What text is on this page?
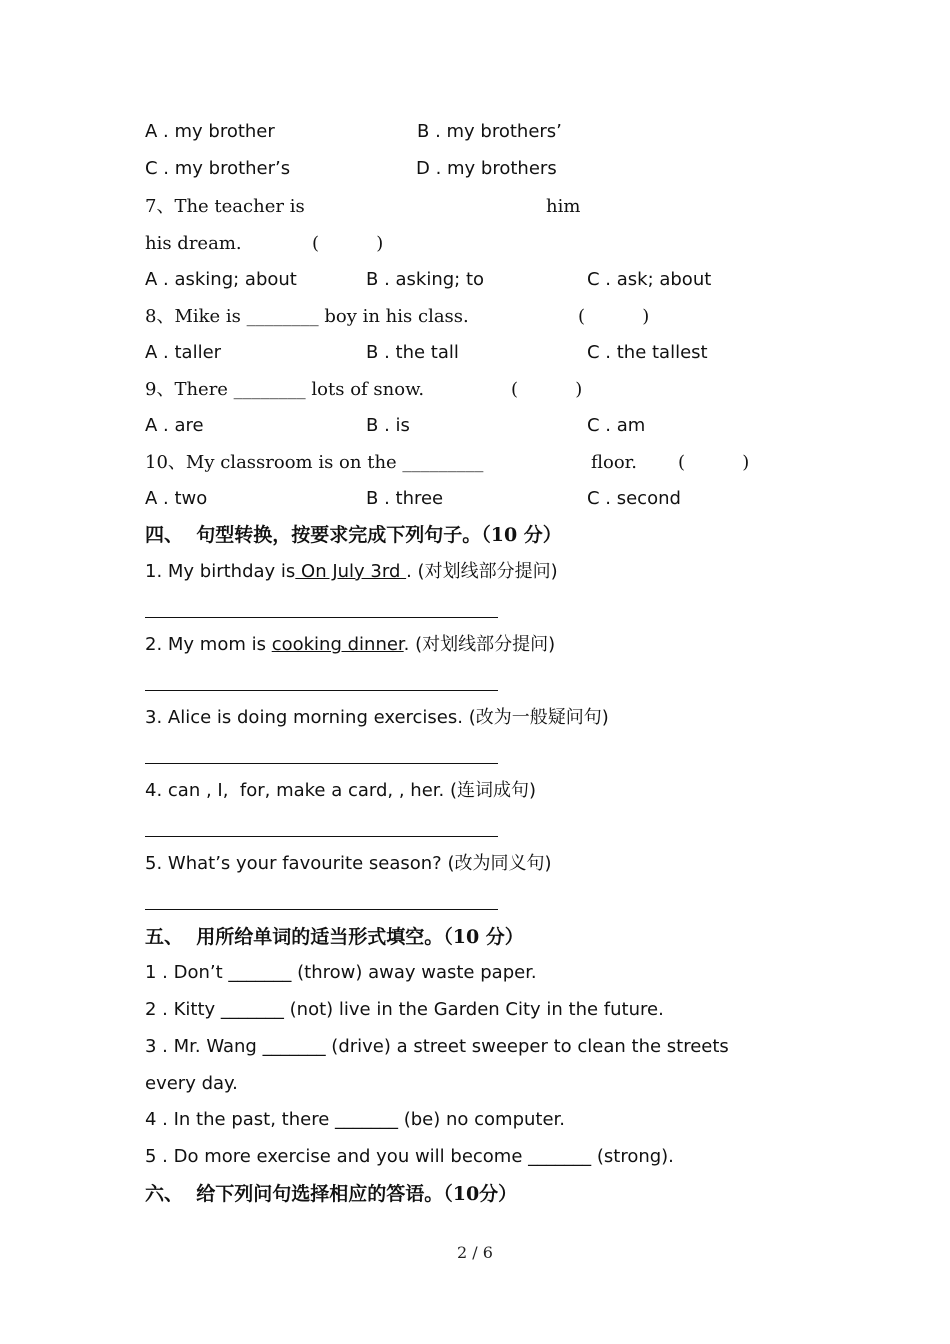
A . my brother	B . my brothers’
C . my brother’s	D . my brothers
7、The teacher is	him
his dream.	(          )
A . asking; about	B . asking; to	C . ask; about
8、Mike is ________ boy in his class.	(          )
A . taller	B . the tall	C . the tallest
9、There ________ lots of snow.	(          )
A . are	B . is	C . am
10、My classroom is on the _________	floor. (          )
A . two	B . three	C . second
四、  句型转换，按要求完成下列句子。（10 分）
1. My birthday is On July 3rd . (对划线部分提问)
2. My mom is cooking dinner. (对划线部分提问)
3. Alice is doing morning exercises. (改为一般疑问句)
4. can , I,  for, make a card, , her. (连词成句)
5. What’s your favourite season? (改为同义句)
五、  用所给单词的适当形式填空。（10 分）
1 . Don’t _______ (throw) away waste paper.
2 . Kitty _______ (not) live in the Garden City in the future.
3 . Mr. Wang _______ (drive) a street sweeper to clean the streets
every day.
4 . In the past, there _______ (be) no computer.
5 . Do more exercise and you will become _______ (strong).
六、  给下列问句选择相应的答语。（10分）
2 / 6
